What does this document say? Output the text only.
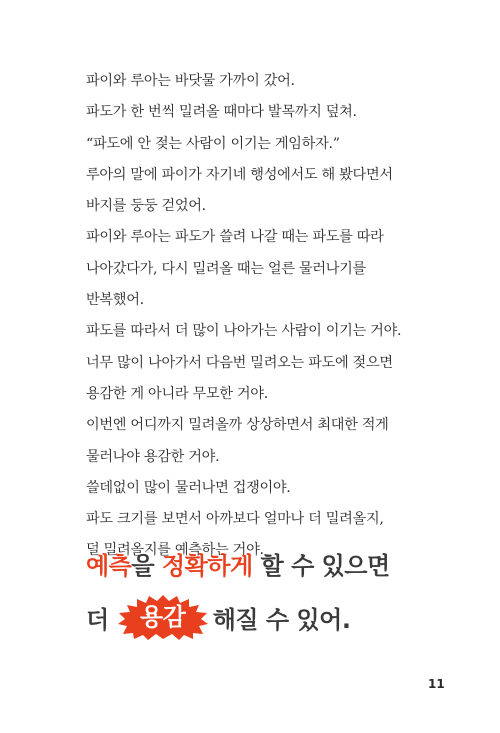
파이와 루아는 바닷물 가까이 갔어.
파도가 한 번씩 밀려올 때마다 발목까지 덮쳐.
“파도에 안 젖는 사람이 이기는 게임하자.”
루아의 말에 파이가 자기네 행성에서도 해 봤다면서
바지를 둥둥 걷었어.
파이와 루아는 파도가 쓸려 나갈 때는 파도를 따라
나아갔다가, 다시 밀려올 때는 얼른 물러나기를
반복했어.
파도를 따라서 더 많이 나아가는 사람이 이기는 거야.
너무 많이 나아가서 다음번 밀려오는 파도에 젖으면
용감한 게 아니라 무모한 거야.
이번엔 어디까지 밀려올까 상상하면서 최대한 적게
물러나야 용감한 거야.
쓸데없이 많이 물러나면 겁쟁이야.
파도 크기를 보면서 아까보다 얼마나 더 밀려올지,
덜 밀려올지를 예측하는 거야.
예측을 정확하게 할 수 있으면
더	용감	해질 수 있어.
11
